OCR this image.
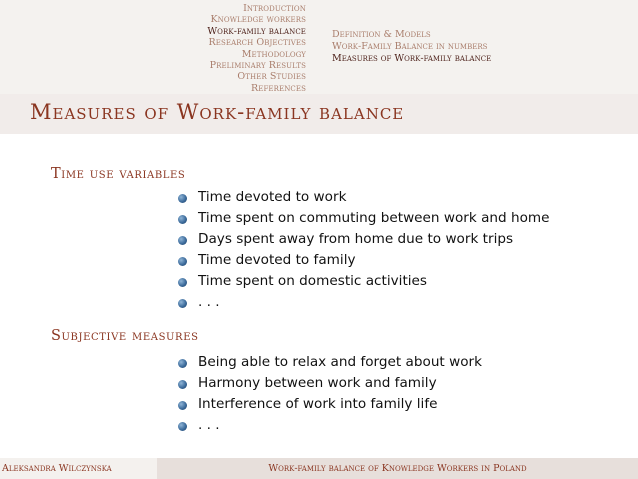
Introduction
Knowledge workers
Work-family balance
Research Objectives
Methodology
Preliminary Results
Other Studies
References
Definition & Models
Work-Family Balance in numbers
Measures of Work-family balance
Measures of Work-family balance
Time use variables
Time devoted to work
Time spent on commuting between work and home
Days spent away from home due to work trips
Time devoted to family
Time spent on domestic activities
. . .
Subjective measures
Being able to relax and forget about work
Harmony between work and family
Interference of work into family life
. . .
Aleksandra Wilczynska	Work-family balance of Knowledge Workers in Poland
